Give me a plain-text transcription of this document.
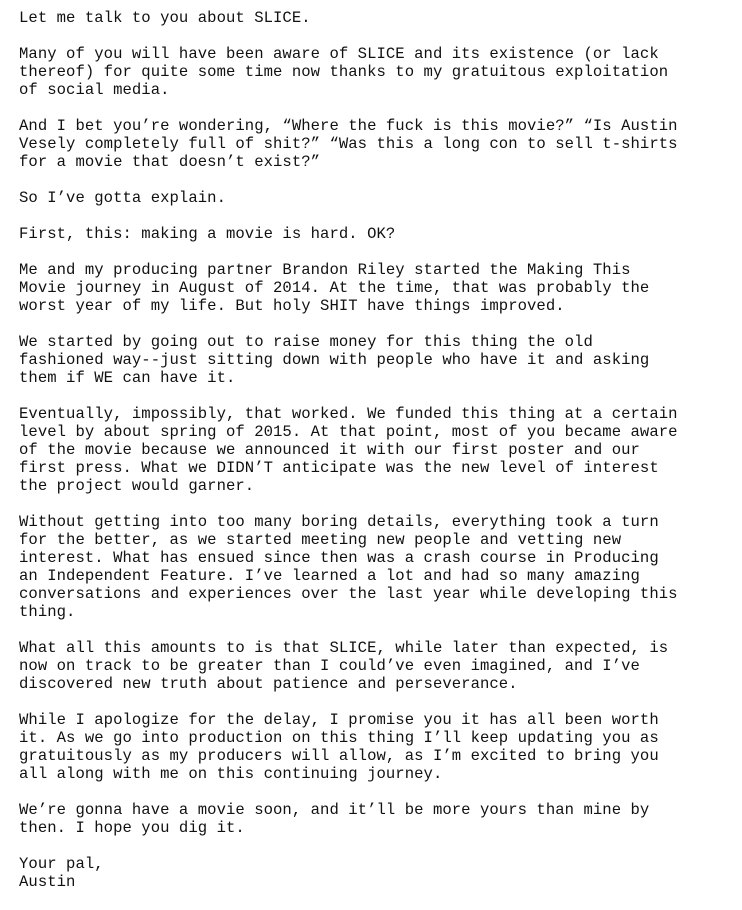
Let me talk to you about SLICE.

Many of you will have been aware of SLICE and its existence (or lack
thereof) for quite some time now thanks to my gratuitous exploitation
of social media.

And I bet you’re wondering, “Where the fuck is this movie?” “Is Austin
Vesely completely full of shit?” “Was this a long con to sell t-shirts
for a movie that doesn’t exist?”

So I’ve gotta explain.

First, this: making a movie is hard. OK?

Me and my producing partner Brandon Riley started the Making This
Movie journey in August of 2014. At the time, that was probably the
worst year of my life. But holy SHIT have things improved.

We started by going out to raise money for this thing the old
fashioned way--just sitting down with people who have it and asking
them if WE can have it.

Eventually, impossibly, that worked. We funded this thing at a certain
level by about spring of 2015. At that point, most of you became aware
of the movie because we announced it with our first poster and our
first press. What we DIDN’T anticipate was the new level of interest
the project would garner.

Without getting into too many boring details, everything took a turn
for the better, as we started meeting new people and vetting new
interest. What has ensued since then was a crash course in Producing
an Independent Feature. I’ve learned a lot and had so many amazing
conversations and experiences over the last year while developing this
thing.

What all this amounts to is that SLICE, while later than expected, is
now on track to be greater than I could’ve even imagined, and I’ve
discovered new truth about patience and perseverance.

While I apologize for the delay, I promise you it has all been worth
it. As we go into production on this thing I’ll keep updating you as
gratuitously as my producers will allow, as I’m excited to bring you
all along with me on this continuing journey.

We’re gonna have a movie soon, and it’ll be more yours than mine by
then. I hope you dig it.

Your pal,
Austin
